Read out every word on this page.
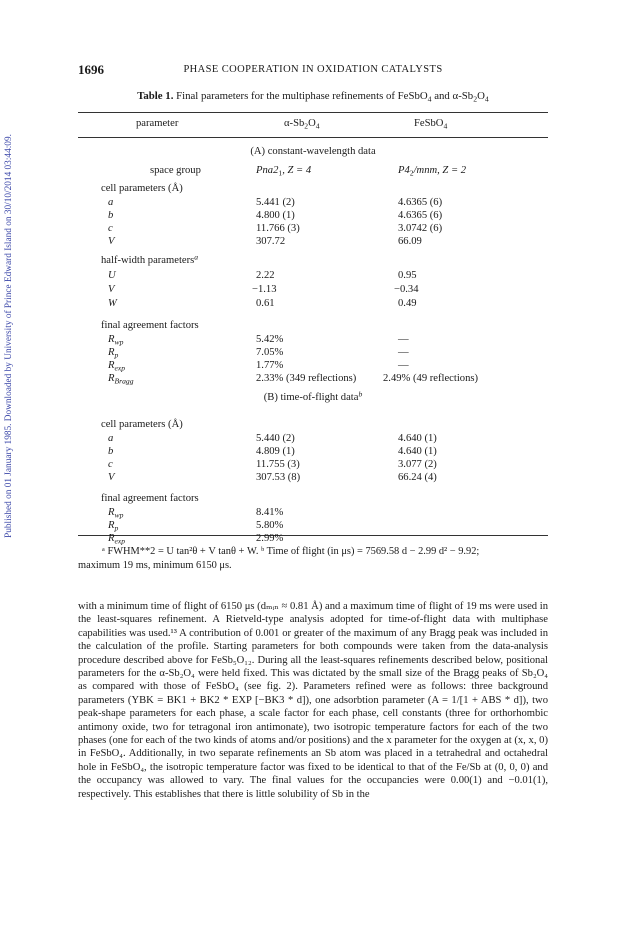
Published on 01 January 1985. Downloaded by University of Prince Edward Island on 30/10/2014 03:44:09.
1696	PHASE COOPERATION IN OXIDATION CATALYSTS
Table 1. Final parameters for the multiphase refinements of FeSbO$_4$ and $\alpha-Sb_2O_4$
parameter	$\alpha-Sb_2O_4$	FeSbO$_4$
(A) constant-wavelength data
space group	$Pna2_1$, Z = 4	$P4_2$/mnm, Z = 2
cell parameters (Å)
a	5.441 (2)	4.6365 (6)
b	4.800 (1)	4.6365 (6)
c	11.766 (3)	3.0742 (6)
V	307.72	66.09
half-width parameters$^a$
U	2.22	0.95
V	−1.13	−0.34
W	0.61	0.49
final agreement factors
$R_{wp}$	5.42%	—
$R_p$	7.05%	—
$R_{exp}$	1.77%	—
$R_{Bragg}$	2.33% (349 reflections)	2.49% (49 reflections)
(B) time-of-flight data$^b$
cell parameters (Å)
a	5.440 (2)	4.640 (1)
b	4.809 (1)	4.640 (1)
c	11.755 (3)	3.077 (2)
V	307.53 (8)	66.24 (4)
final agreement factors
$R_{wp}$	8.41%
$R_p$	5.80%
$R_{exp}$	2.99%

ᵃ FWHM**2 = U tan²θ + V tanθ + W. ᵇ Time of flight (in μs) = 7569.58 d − 2.99 d² − 9.92;

maximum 19 ms, minimum 6150 μs.

with a minimum time of flight of 6150 μs (dₘᵢₙ ≈ 0.81 Å) and a maximum time of flight of 19 ms were used in the least-squares refinement. A Rietveld-type analysis adopted for time-of-flight data with multiphase capabilities was used.¹³ A contribution of 0.001 or greater of the maximum of any Bragg peak was included in the calculation of the profile. Starting parameters for both compounds were taken from the data-analysis procedure described above for FeSb₅O₁₂. During all the least-squares refinements described below, positional parameters for the α-Sb₂O₄ were held fixed. This was dictated by the small size of the Bragg peaks of Sb₂O₄ as compared with those of FeSbO₄ (see fig. 2). Parameters refined were as follows: three background parameters (YBK = BK1 + BK2 * EXP [−BK3 * d]), one adsorbtion parameter (A = 1/[1 + ABS * d]), two peak-shape parameters for each phase, a scale factor for each phase, cell constants (three for orthorhombic antimony oxide, two for tetragonal iron antimonate), two isotropic temperature factors for each of the two phases (one for each of the two kinds of atoms and/or positions) and the x parameter for the oxygen at (x, x, 0) in FeSbO₄. Additionally, in two separate refinements an Sb atom was placed in a tetrahedral and octahedral hole in FeSbO₄, the isotropic temperature factor was fixed to be identical to that of the Fe/Sb at (0, 0, 0) and the occupancy was allowed to vary. The final values for the occupancies were 0.00(1) and −0.01(1), respectively. This establishes that there is little solubility of Sb in the
